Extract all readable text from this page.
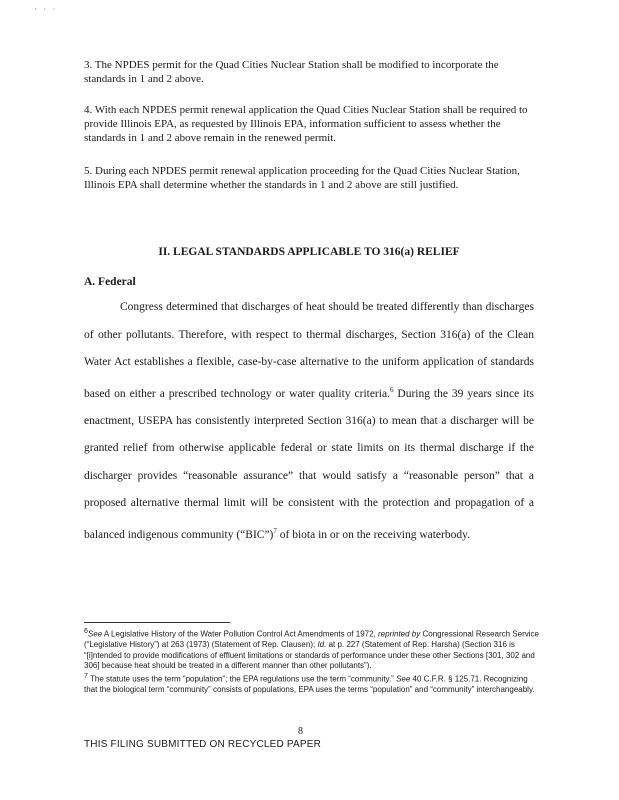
· · ·

3. The NPDES permit for the Quad Cities Nuclear Station shall be modified to incorporate the standards in 1 and 2 above.

4. With each NPDES permit renewal application the Quad Cities Nuclear Station shall be required to provide Illinois EPA, as requested by Illinois EPA, information sufficient to assess whether the standards in 1 and 2 above remain in the renewed permit.

5. During each NPDES permit renewal application proceeding for the Quad Cities Nuclear Station, Illinois EPA shall determine whether the standards in 1 and 2 above are still justified.

II. LEGAL STANDARDS APPLICABLE TO 316(a) RELIEF
A. Federal
Congress determined that discharges of heat should be treated differently than discharges of other pollutants. Therefore, with respect to thermal discharges, Section 316(a) of the Clean Water Act establishes a flexible, case-by-case alternative to the uniform application of standards based on either a prescribed technology or water quality criteria.$^6$ During the 39 years since its enactment, USEPA has consistently interpreted Section 316(a) to mean that a discharger will be granted relief from otherwise applicable federal or state limits on its thermal discharge if the discharger provides “reasonable assurance” that would satisfy a “reasonable person” that a proposed alternative thermal limit will be consistent with the protection and propagation of a balanced indigenous community (“BIC”)$^7$ of biota in or on the receiving waterbody.

$^6$See A Legislative History of the Water Pollution Control Act Amendments of 1972, reprinted by Congressional Research Service (“Legislative History”) at 263 (1973) (Statement of Rep. Clausen); Id. at p. 227 (Statement of Rep. Harsha) (Section 316 is “[i]ntended to provide modifications of effluent limitations or standards of performance under these other Sections [301, 302 and 306] because heat should be treated in a different manner than other pollutants”).

$^7$ The statute uses the term “population”; the EPA regulations use the term “community.” See 40 C.F.R. § 125.71. Recognizing that the biological term “community” consists of populations, EPA uses the terms “population” and “community” interchangeably.

8
THIS FILING SUBMITTED ON RECYCLED PAPER
